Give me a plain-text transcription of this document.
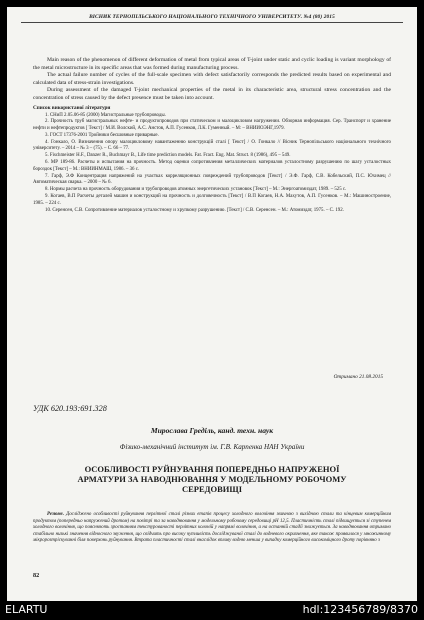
ВІСНИК ТЕРНОПІЛЬСЬКОГО НАЦІОНАЛЬНОГО ТЕХНІЧНОГО УНІВЕРСИТЕТУ. №4 (80) 2015

Main reason of the phenomenon of different deformation of metal from typical areas of T-joint under static and cyclic loading is variant morphology of the metal microstructure in its specific areas that was formed during manufacturing process.

The actual failure number of cycles of the full-scale specimen with defect satisfactorily corresponds the predicted results based on experimental and calculated data of stress-strain investigations.

During assessment of the damaged T-joint mechanical properties of the metal in its characteristic area, structural stress concentration and the concentration of stress caused by the defect presence must be taken into account.

Список використаної літератури
1. СНиП 2.05.06-85 (2000) Магистральные трубопроводы.
2. Прочность труб магистральных нефте- и продуктопроводов при статическом и малоцикловом нагружении. Обзорная информация. Сер. Транспорт и хранение нефти и нефтепродуктов [ Текст] / М.И. Волский, А.С. Анстов, А.П. Гусенков, Л.К. Гуменный. – М: – ВНИИОЭНГ,1979.
3. ГОСТ 17376-2001 Тройники бесшовные приварные.
4. Гонкало, О. Визначення опору малоцикловому навантаженню конструкцій сталі [ Текст] / О. Гонкало // Вісник Тернопільського національного технічного університету. – 2014 – № 3 – (75). – С. 66 – 77.
5. Fischmeister H.F., Danzer R., Buchmayr B., Life time prediction models. Fat. Fract. Eng. Mat. Struct. 8 (1986), 495 – 549.
6. МР 189-86. Расчеты и испытания на прочность. Метод оценки сопротивления металлических материалов усталостному разрушению по шагу усталостных бороздок [Текст] – М.: ВНИИНМАШ, 1986. – 36 с.
7. Гарф, Э.Ф Концентрация напряжений на участках корреляционных повреждений трубопроводов [Текст] / Э.Ф. Гарф, С.В. Кобельский, П.С. Юхимец // Автоматическая сварка. – 2000 – № 6.
8. Нормы расчета на прочность оборудования и трубопроводов атомных энергетических установок [Текст] – М.: Энергоатомиздат, 1989. – 525 с.
9. Когаев, В.П Расчеты деталей машин и конструкций на прочность и долговечность [Текст] / В.П Когаев, Н.А. Махутов, А.П. Гусенков. – М.: Машиностроение, 1985. – 224 с.
10. Серенсен, С.В. Сопротивление материалов усталостному и хрупкому разрушению. [Текст] / С.В. Серенсен. – М.: Атомиздат, 1975. – С. 192.
Отримано 21.08.2015
УДК 620.193:691.328
Мирослава Греділь, канд. техн. наук
Фізико-механічний інститут ім. Г.В. Карпенка НАН України
ОСОБЛИВОСТІ РУЙНУВАННЯ ПОПЕРЕДНЬО НАПРУЖЕНОЇ АРМАТУРИ ЗА НАВОДНЮВАННЯ У МОДЕЛЬНОМУ РОБОЧОМУ СЕРЕДОВИЩІ
Резюме. Досліджено особливості руйнування перлітної сталі різних етапів процесу холодного волочіння звичною з вихідною стали та кінцевим комерційним продуктом (попередньо напружений дротом) на повітрі та за наводнювання у модельному робочому середовищі pH 12,5. Пластичність сталі підвищується зі ступенем холодного волочіння, що пояснюють зростанням текстурованості перлітних колоній у напрямі волочіння, а на останній стадії знижується. За наводнювання отримано стабільно низькі значення відносного звуження, що свідчить про високу чутливість досліджуваної сталі до водневого окрихчення, яке також проявилося у множинному мікророзтріскуванні біля поверхонь руйнування. Втрата пластичності сталі внаслідок впливу водню менша у випадку комерційного високоміцного дроту порівняно з
82
ELARTU	hdl:123456789/8370
